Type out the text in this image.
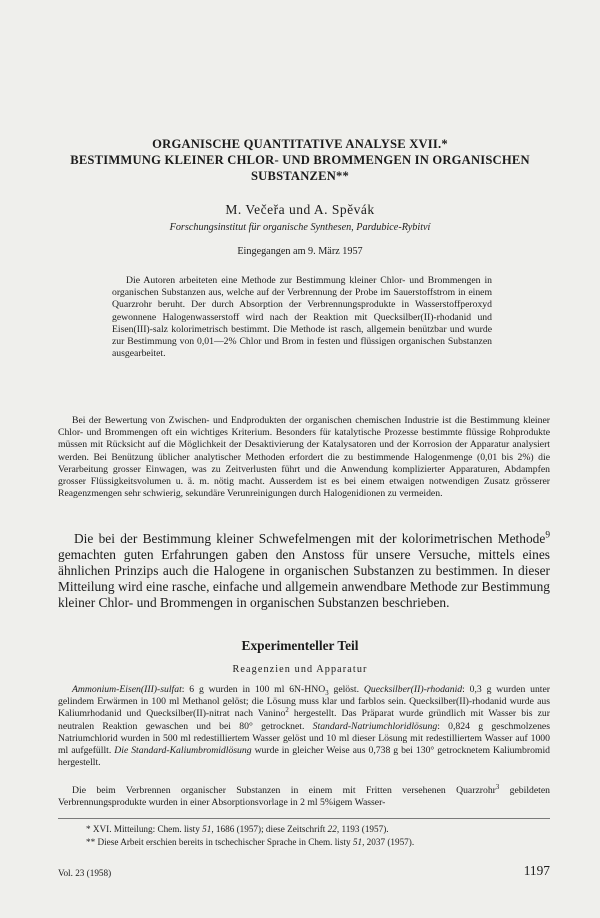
ORGANISCHE QUANTITATIVE ANALYSE XVII.*
BESTIMMUNG KLEINER CHLOR- UND BROMMENGEN IN ORGANISCHEN
SUBSTANZEN**
M. Večeřa und A. Spěvák
Forschungsinstitut für organische Synthesen, Pardubice-Rybitví
Eingegangen am 9. März 1957
Die Autoren arbeiteten eine Methode zur Bestimmung kleiner Chlor- und Brommengen in organischen Substanzen aus, welche auf der Verbrennung der Probe im Sauerstoffstrom in einem Quarzrohr beruht. Der durch Absorption der Verbrennungsprodukte in Wasserstoffperoxyd gewonnene Halogenwasserstoff wird nach der Reaktion mit Quecksilber(II)-rhodanid und Eisen(III)-salz kolorimetrisch bestimmt. Die Methode ist rasch, allgemein benützbar und wurde zur Bestimmung von 0,01—2% Chlor und Brom in festen und flüssigen organischen Substanzen ausgearbeitet.
Bei der Bewertung von Zwischen- und Endprodukten der organischen chemischen Industrie ist die Bestimmung kleiner Chlor- und Brommengen oft ein wichtiges Kriterium. Besonders für katalytische Prozesse bestimmte flüssige Rohprodukte müssen mit Rücksicht auf die Möglichkeit der Desaktivierung der Katalysatoren und der Korrosion der Apparatur analysiert werden. Bei Benützung üblicher analytischer Methoden erfordert die zu bestimmende Halogenmenge (0,01 bis 2%) die Verarbeitung grosser Einwagen, was zu Zeitverlusten führt und die Anwendung komplizierter Apparaturen, Abdampfen grosser Flüssigkeitsvolumen u. ä. m. nötig macht. Ausserdem ist es bei einem etwaigen notwendigen Zusatz grösserer Reagenzmengen sehr schwierig, sekundäre Verunreinigungen durch Halogenidionen zu vermeiden.
Die bei der Bestimmung kleiner Schwefelmengen mit der kolorimetrischen Methode$^9$ gemachten guten Erfahrungen gaben den Anstoss für unsere Versuche, mittels eines ähnlichen Prinzips auch die Halogene in organischen Substanzen zu bestimmen. In dieser Mitteilung wird eine rasche, einfache und allgemein anwendbare Methode zur Bestimmung kleiner Chlor- und Brommengen in organischen Substanzen beschrieben.
Experimenteller Teil
Reagenzien und Apparatur
Ammonium-Eisen(III)-sulfat: 6 g wurden in 100 ml $6N-HNO_3$ gelöst. Quecksilber(II)-rhodanid: 0,3 g wurden unter gelindem Erwärmen in 100 ml Methanol gelöst; die Lösung muss klar und farblos sein. Quecksilber(II)-rhodanid wurde aus Kaliumrhodanid und Quecksilber(II)-nitrat nach Vanino$^2$ hergestellt. Das Präparat wurde gründlich mit Wasser bis zur neutralen Reaktion gewaschen und bei 80° getrocknet. Standard-Natriumchloridlösung: 0,824 g geschmolzenes Natriumchlorid wurden in 500 ml redestilliertem Wasser gelöst und 10 ml dieser Lösung mit redestilliertem Wasser auf 1000 ml aufgefüllt. Die Standard-Kaliumbromidlösung wurde in gleicher Weise aus 0,738 g bei 130° getrocknetem Kaliumbromid hergestellt.
Die beim Verbrennen organischer Substanzen in einem mit Fritten versehenen Quarzrohr$^3$ gebildeten Verbrennungsprodukte wurden in einer Absorptionsvorlage in 2 ml 5%igem Wasser-
* XVI. Mitteilung: Chem. listy 51, 1686 (1957); diese Zeitschrift 22, 1193 (1957).
** Diese Arbeit erschien bereits in tschechischer Sprache in Chem. listy 51, 2037 (1957).
Vol. 23 (1958)	1197
